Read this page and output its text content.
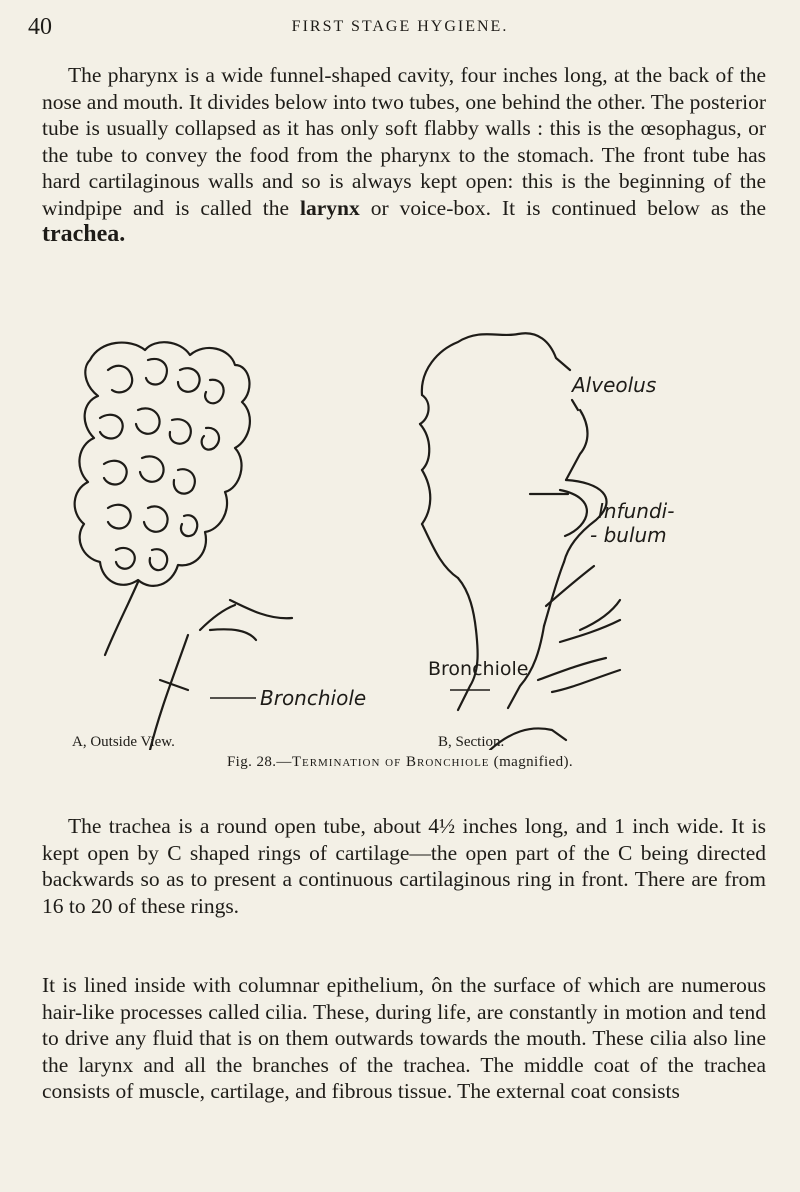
40	FIRST STAGE HYGIENE.

The pharynx is a wide funnel-shaped cavity, four inches long, at the back of the nose and mouth. It divides below into two tubes, one behind the other. The posterior tube is usually collapsed as it has only soft flabby walls : this is the œsophagus, or the tube to convey the food from the pharynx to the stomach. The front tube has hard cartilaginous walls and so is always kept open: this is the beginning of the windpipe and is called the larynx or voice-box. It is continued below as the trachea.

Bronchiole
Alveolus
Infundi-
- bulum
Bronchiole
A, Outside View.	B, Section.
Fig. 28.—Termination of Bronchiole (magnified).

The trachea is a round open tube, about 4½ inches long, and 1 inch wide. It is kept open by C shaped rings of cartilage—the open part of the C being directed backwards so as to present a continuous cartilaginous ring in front. There are from 16 to 20 of these rings.

It is lined inside with columnar epithelium, ôn the surface of which are numerous hair-like processes called cilia. These, during life, are constantly in motion and tend to drive any fluid that is on them outwards towards the mouth. These cilia also line the larynx and all the branches of the trachea. The middle coat of the trachea consists of muscle, cartilage, and fibrous tissue. The external coat consists
